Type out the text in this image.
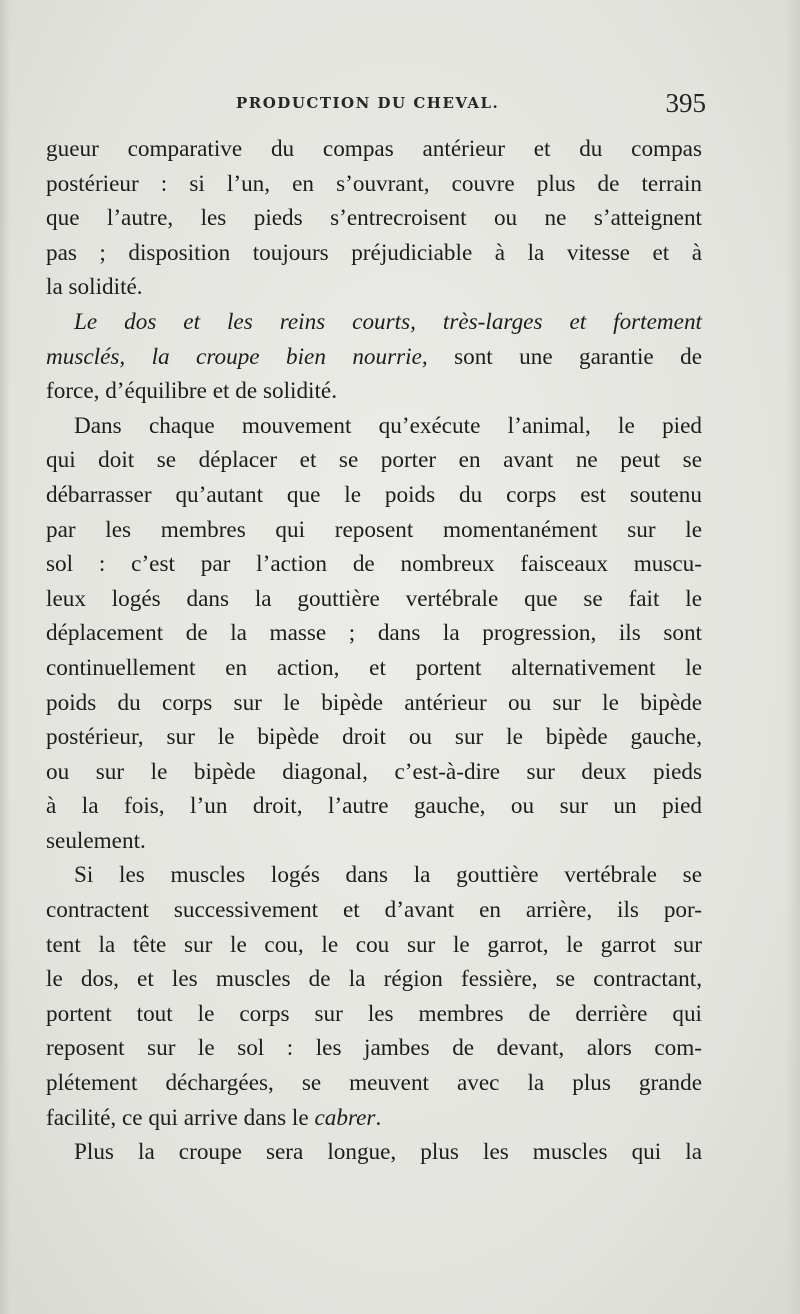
PRODUCTION DU CHEVAL.	395
gueur comparative du compas antérieur et du compas
postérieur : si l’un, en s’ouvrant, couvre plus de terrain
que l’autre, les pieds s’entrecroisent ou ne s’atteignent
pas ; disposition toujours préjudiciable à la vitesse et à
la solidité.
Le dos et les reins courts, très-larges et fortement
musclés, la croupe bien nourrie, sont une garantie de
force, d’équilibre et de solidité.
Dans chaque mouvement qu’exécute l’animal, le pied
qui doit se déplacer et se porter en avant ne peut se
débarrasser qu’autant que le poids du corps est soutenu
par les membres qui reposent momentanément sur le
sol : c’est par l’action de nombreux faisceaux muscu-
leux logés dans la gouttière vertébrale que se fait le
déplacement de la masse ; dans la progression, ils sont
continuellement en action, et portent alternativement le
poids du corps sur le bipède antérieur ou sur le bipède
postérieur, sur le bipède droit ou sur le bipède gauche,
ou sur le bipède diagonal, c’est-à-dire sur deux pieds
à la fois, l’un droit, l’autre gauche, ou sur un pied
seulement.
Si les muscles logés dans la gouttière vertébrale se
contractent successivement et d’avant en arrière, ils por-
tent la tête sur le cou, le cou sur le garrot, le garrot sur
le dos, et les muscles de la région fessière, se contractant,
portent tout le corps sur les membres de derrière qui
reposent sur le sol : les jambes de devant, alors com-
plétement déchargées, se meuvent avec la plus grande
facilité, ce qui arrive dans le cabrer.
Plus la croupe sera longue, plus les muscles qui la
